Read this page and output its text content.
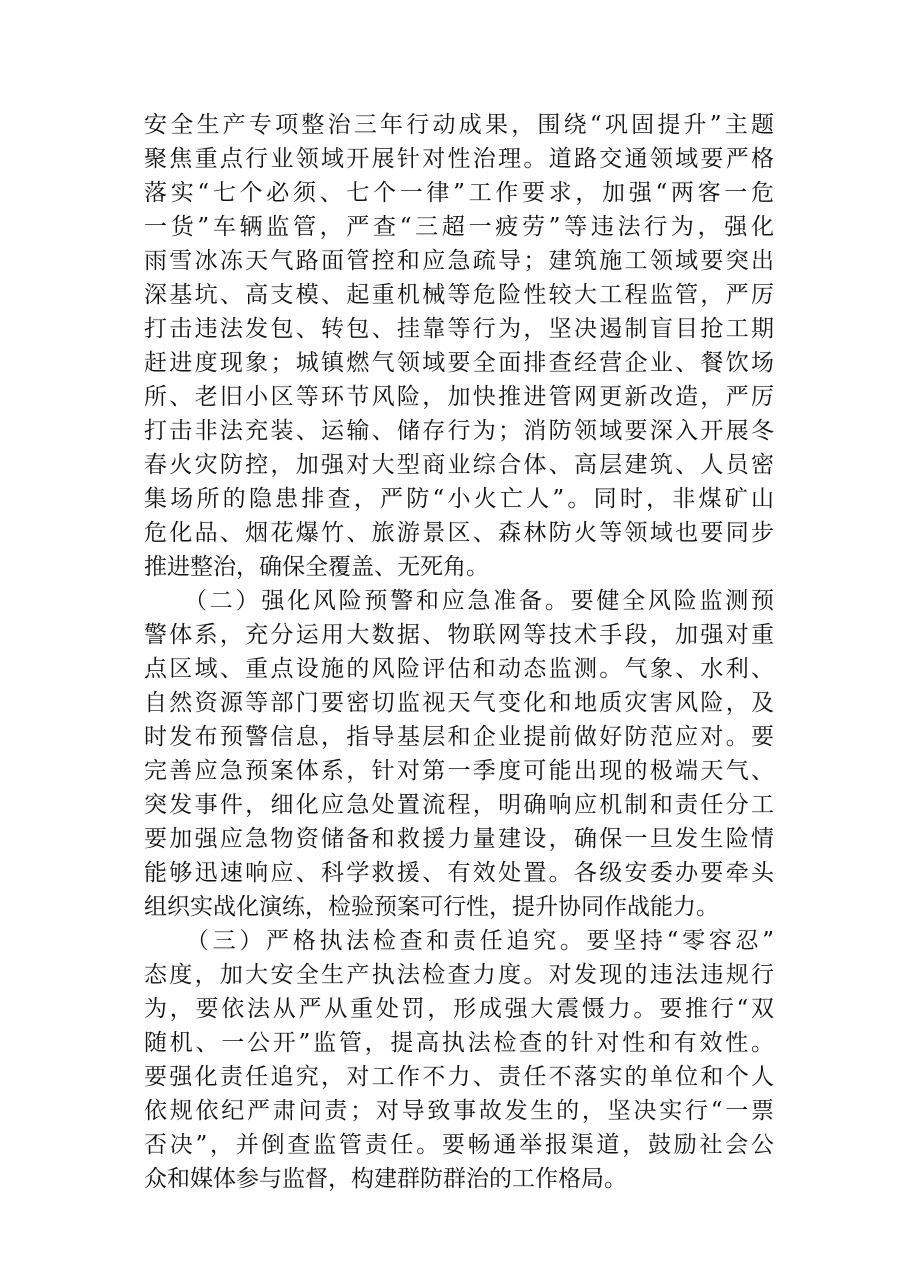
安全生产专项整治三年行动成果，围绕“巩固提升”主题
聚焦重点行业领域开展针对性治理。道路交通领域要严格
落实“七个必须、七个一律”工作要求，加强“两客一危
一货”车辆监管，严查“三超一疲劳”等违法行为，强化
雨雪冰冻天气路面管控和应急疏导；建筑施工领域要突出
深基坑、高支模、起重机械等危险性较大工程监管，严厉
打击违法发包、转包、挂靠等行为，坚决遏制盲目抢工期
赶进度现象；城镇燃气领域要全面排查经营企业、餐饮场
所、老旧小区等环节风险，加快推进管网更新改造，严厉
打击非法充装、运输、储存行为；消防领域要深入开展冬
春火灾防控，加强对大型商业综合体、高层建筑、人员密
集场所的隐患排查，严防“小火亡人”。同时，非煤矿山
危化品、烟花爆竹、旅游景区、森林防火等领域也要同步
推进整治，确保全覆盖、无死角。
　　（二）强化风险预警和应急准备。要健全风险监测预
警体系，充分运用大数据、物联网等技术手段，加强对重
点区域、重点设施的风险评估和动态监测。气象、水利、
自然资源等部门要密切监视天气变化和地质灾害风险，及
时发布预警信息，指导基层和企业提前做好防范应对。要
完善应急预案体系，针对第一季度可能出现的极端天气、
突发事件，细化应急处置流程，明确响应机制和责任分工
要加强应急物资储备和救援力量建设，确保一旦发生险情
能够迅速响应、科学救援、有效处置。各级安委办要牵头
组织实战化演练，检验预案可行性，提升协同作战能力。
　　（三）严格执法检查和责任追究。要坚持“零容忍”
态度，加大安全生产执法检查力度。对发现的违法违规行
为，要依法从严从重处罚，形成强大震慑力。要推行“双
随机、一公开”监管，提高执法检查的针对性和有效性。
要强化责任追究，对工作不力、责任不落实的单位和个人
依规依纪严肃问责；对导致事故发生的，坚决实行“一票
否决”，并倒查监管责任。要畅通举报渠道，鼓励社会公
众和媒体参与监督，构建群防群治的工作格局。
